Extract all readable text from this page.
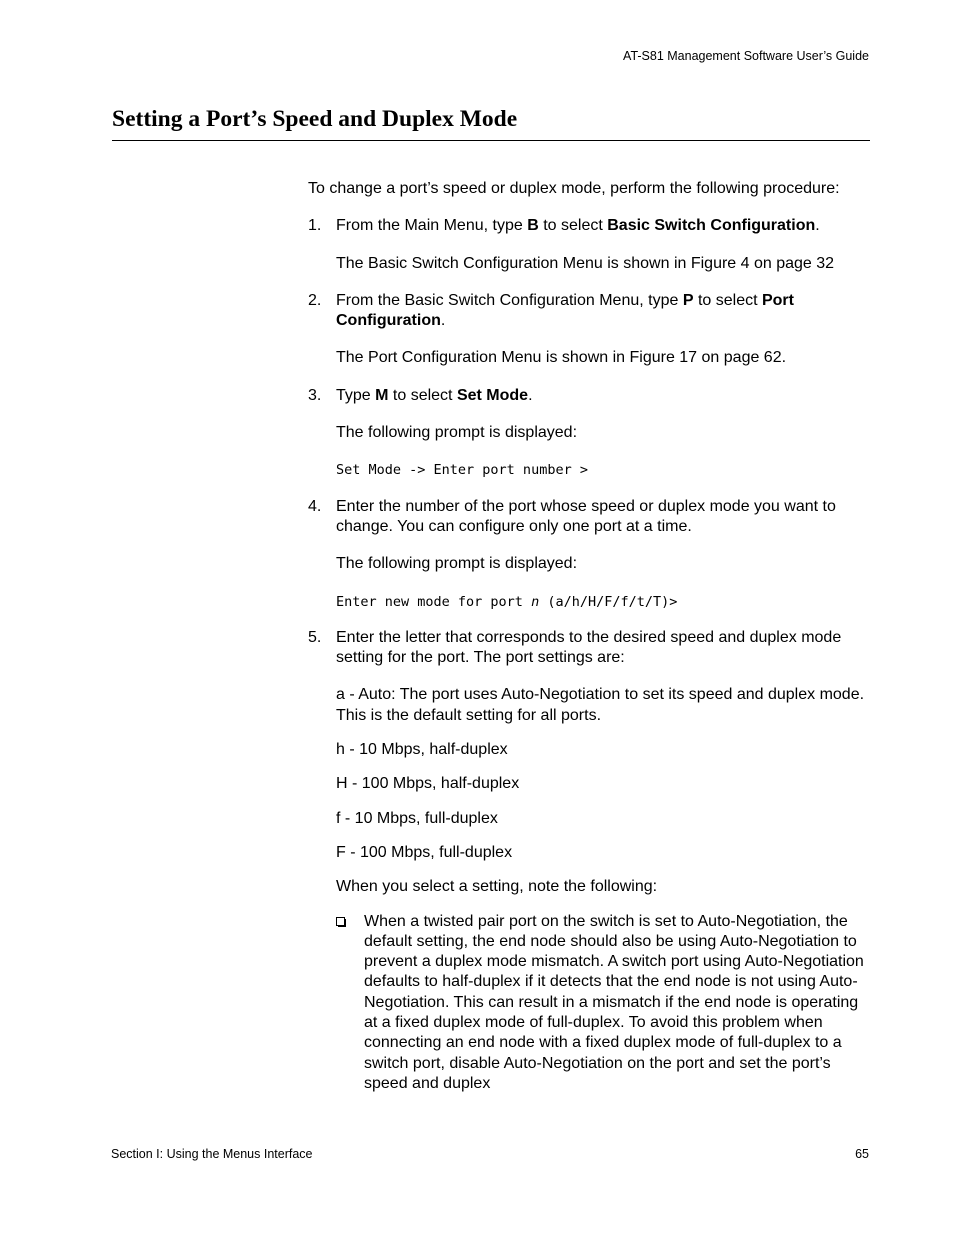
AT-S81 Management Software User’s Guide
Setting a Port’s Speed and Duplex Mode

To change a port’s speed or duplex mode, perform the following procedure:

1. From the Main Menu, type B to select Basic Switch Configuration.

The Basic Switch Configuration Menu is shown in Figure 4 on page 32

2. From the Basic Switch Configuration Menu, type P to select Port Configuration.

The Port Configuration Menu is shown in Figure 17 on page 62.

3. Type M to select Set Mode.

The following prompt is displayed:

Set Mode -> Enter port number >

4. Enter the number of the port whose speed or duplex mode you want to change. You can configure only one port at a time.

The following prompt is displayed:

Enter new mode for port n (a/h/H/F/f/t/T)>

5. Enter the letter that corresponds to the desired speed and duplex mode setting for the port. The port settings are:

a - Auto: The port uses Auto-Negotiation to set its speed and duplex mode. This is the default setting for all ports.

h - 10 Mbps, half-duplex

H - 100 Mbps, half-duplex

f - 10 Mbps, full-duplex

F - 100 Mbps, full-duplex

When you select a setting, note the following:

When a twisted pair port on the switch is set to Auto-Negotiation, the default setting, the end node should also be using Auto-Negotiation to prevent a duplex mode mismatch. A switch port using Auto-Negotiation defaults to half-duplex if it detects that the end node is not using Auto-Negotiation. This can result in a mismatch if the end node is operating at a fixed duplex mode of full-duplex. To avoid this problem when connecting an end node with a fixed duplex mode of full-duplex to a switch port, disable Auto-Negotiation on the port and set the port’s speed and duplex

Section I: Using the Menus Interface	65
